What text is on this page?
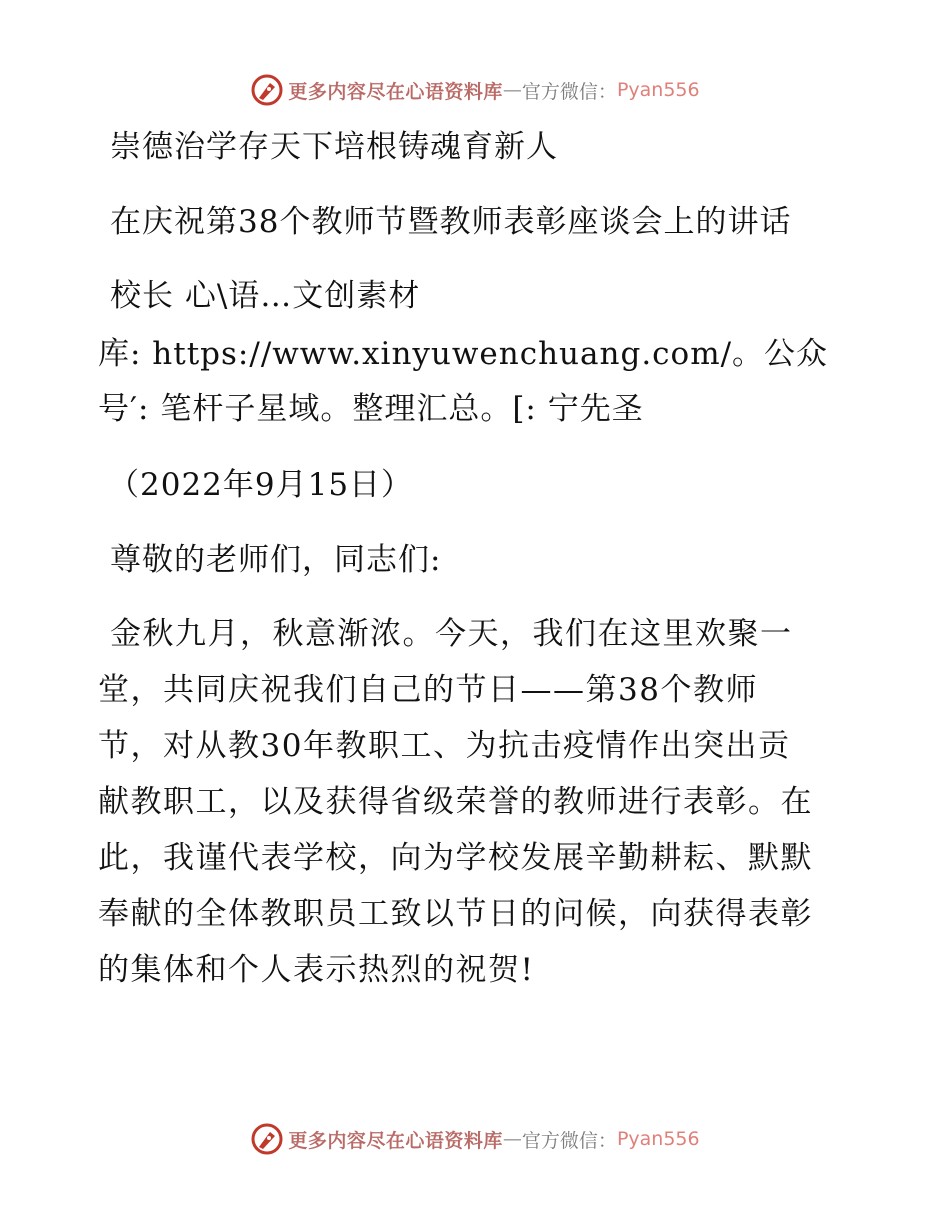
更多内容尽在心语资料库 — 官方微信： Pyan556
崇德治学存天下培根铸魂育新人
在庆祝第38个教师节暨教师表彰座谈会上的讲话
校长 心\语…文创素材
库: https://www.xinyuwenchuang.com/。公众
号′: 笔杆子星域。整理汇总。[: 宁先圣
（2022年9月15日）
尊敬的老师们，同志们:
金秋九月，秋意渐浓。今天，我们在这里欢聚一
堂，共同庆祝我们自己的节日——第38个教师
节，对从教30年教职工、为抗击疫情作出突出贡
献教职工，以及获得省级荣誉的教师进行表彰。在
此，我谨代表学校，向为学校发展辛勤耕耘、默默
奉献的全体教职员工致以节日的问候，向获得表彰
的集体和个人表示热烈的祝贺!
更多内容尽在心语资料库 — 官方微信： Pyan556
